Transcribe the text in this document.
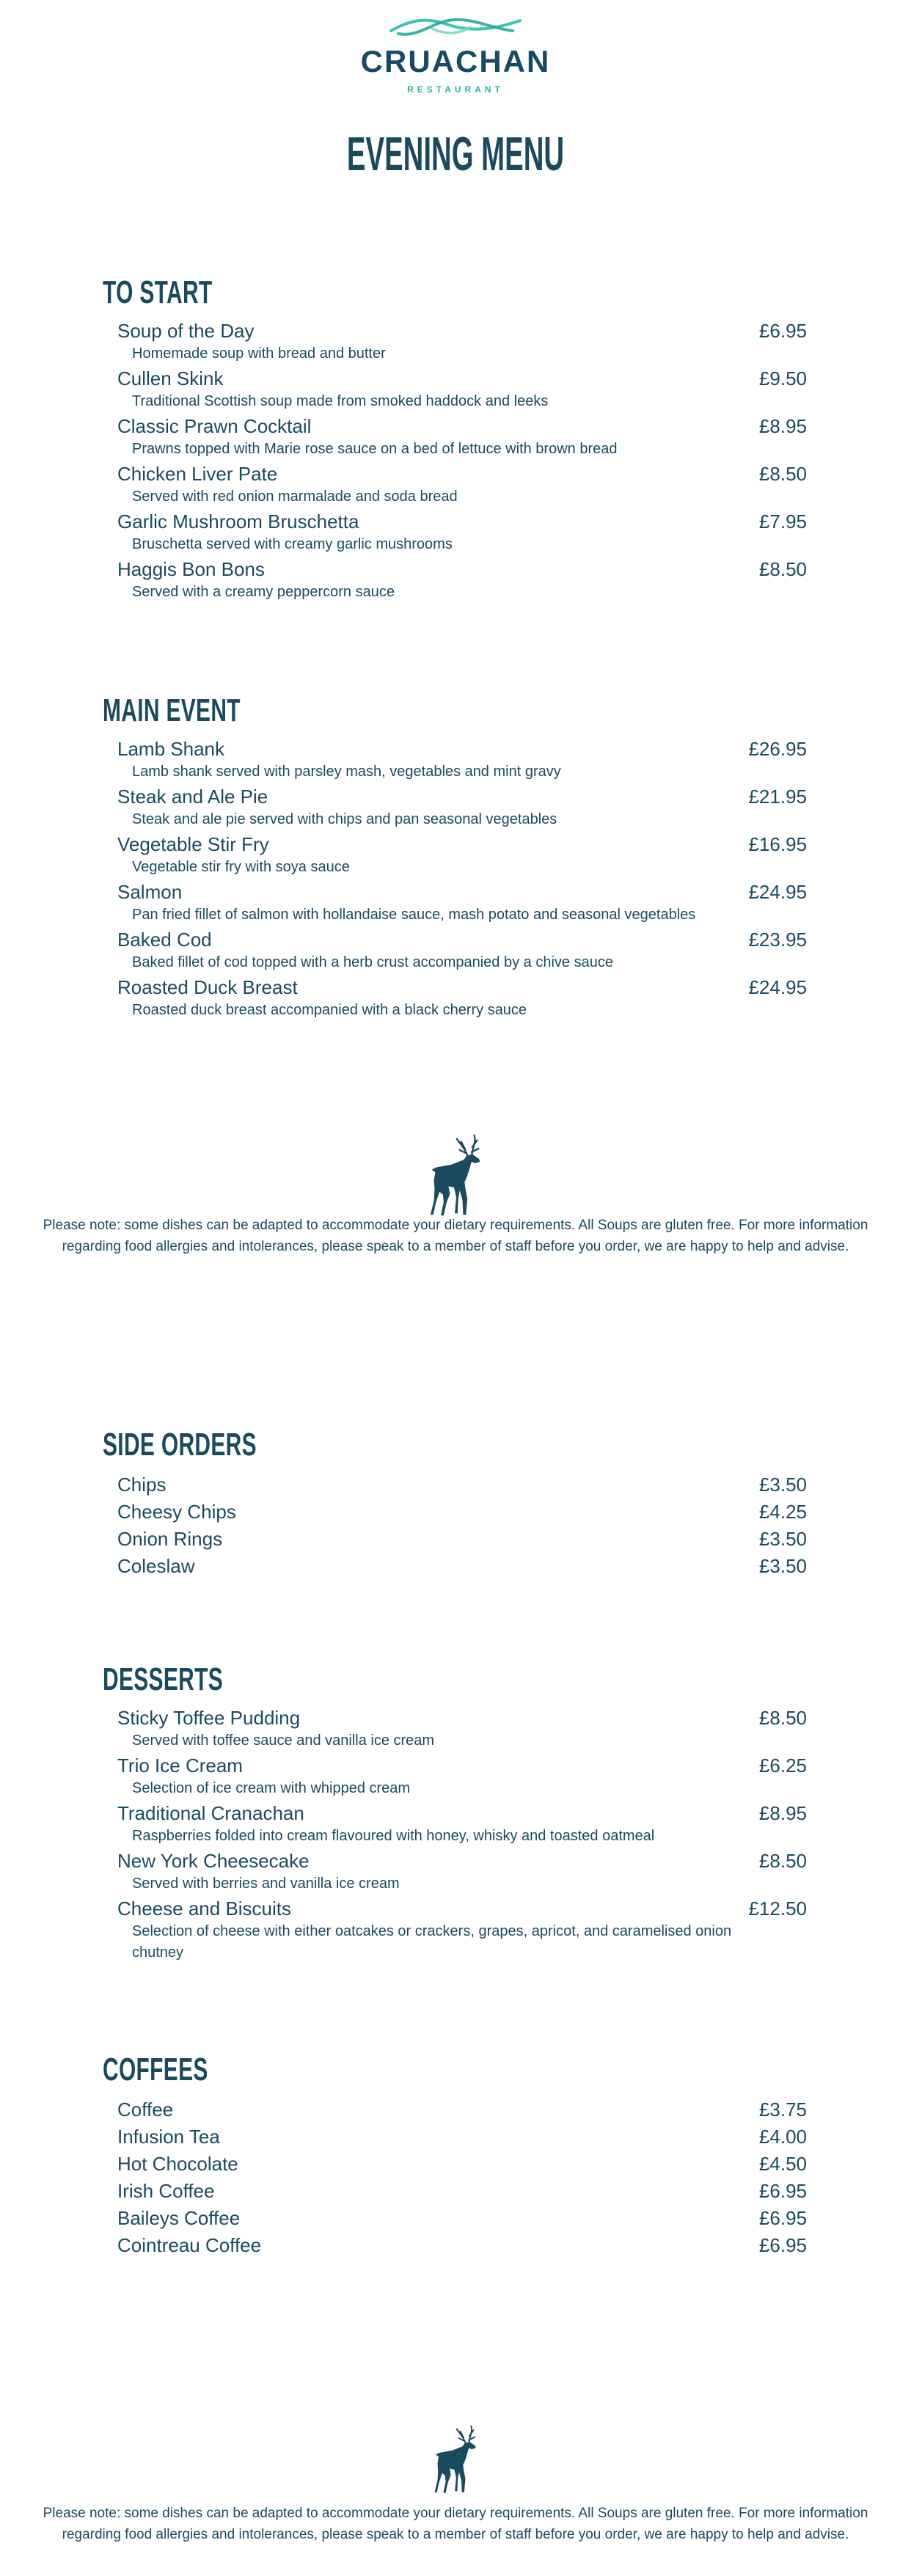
CRUACHAN
RESTAURANT
EVENING MENU
TO START
Soup of the Day	£6.95
Homemade soup with bread and butter
Cullen Skink	£9.50
Traditional Scottish soup made from smoked haddock and leeks
Classic Prawn Cocktail	£8.95
Prawns topped with Marie rose sauce on a bed of lettuce with brown bread
Chicken Liver Pate	£8.50
Served with red onion marmalade and soda bread
Garlic Mushroom Bruschetta	£7.95
Bruschetta served with creamy garlic mushrooms
Haggis Bon Bons	£8.50
Served with a creamy peppercorn sauce
MAIN EVENT
Lamb Shank	£26.95
Lamb shank served with parsley mash, vegetables and mint gravy
Steak and Ale Pie	£21.95
Steak and ale pie served with chips and pan seasonal vegetables
Vegetable Stir Fry	£16.95
Vegetable stir fry with soya sauce
Salmon	£24.95
Pan fried fillet of salmon with hollandaise sauce, mash potato and seasonal vegetables
Baked Cod	£23.95
Baked fillet of cod topped with a herb crust accompanied by a chive sauce
Roasted Duck Breast	£24.95
Roasted duck breast accompanied with a black cherry sauce
SIDE ORDERS
Chips	£3.50
Cheesy Chips	£4.25
Onion Rings	£3.50
Coleslaw	£3.50
DESSERTS
Sticky Toffee Pudding	£8.50
Served with toffee sauce and vanilla ice cream
Trio Ice Cream	£6.25
Selection of ice cream with whipped cream
Traditional Cranachan	£8.95
Raspberries folded into cream flavoured with honey, whisky and toasted oatmeal
New York Cheesecake	£8.50
Served with berries and vanilla ice cream
Cheese and Biscuits	£12.50
Selection of cheese with either oatcakes or crackers, grapes, apricot, and caramelised onion chutney
COFFEES
Coffee	£3.75
Infusion Tea	£4.00
Hot Chocolate	£4.50
Irish Coffee	£6.95
Baileys Coffee	£6.95
Cointreau Coffee	£6.95

Please note: some dishes can be adapted to accommodate your dietary requirements. All Soups are gluten free. For more information regarding food allergies and intolerances, please speak to a member of staff before you order, we are happy to help and advise.

Please note: some dishes can be adapted to accommodate your dietary requirements. All Soups are gluten free. For more information regarding food allergies and intolerances, please speak to a member of staff before you order, we are happy to help and advise.
